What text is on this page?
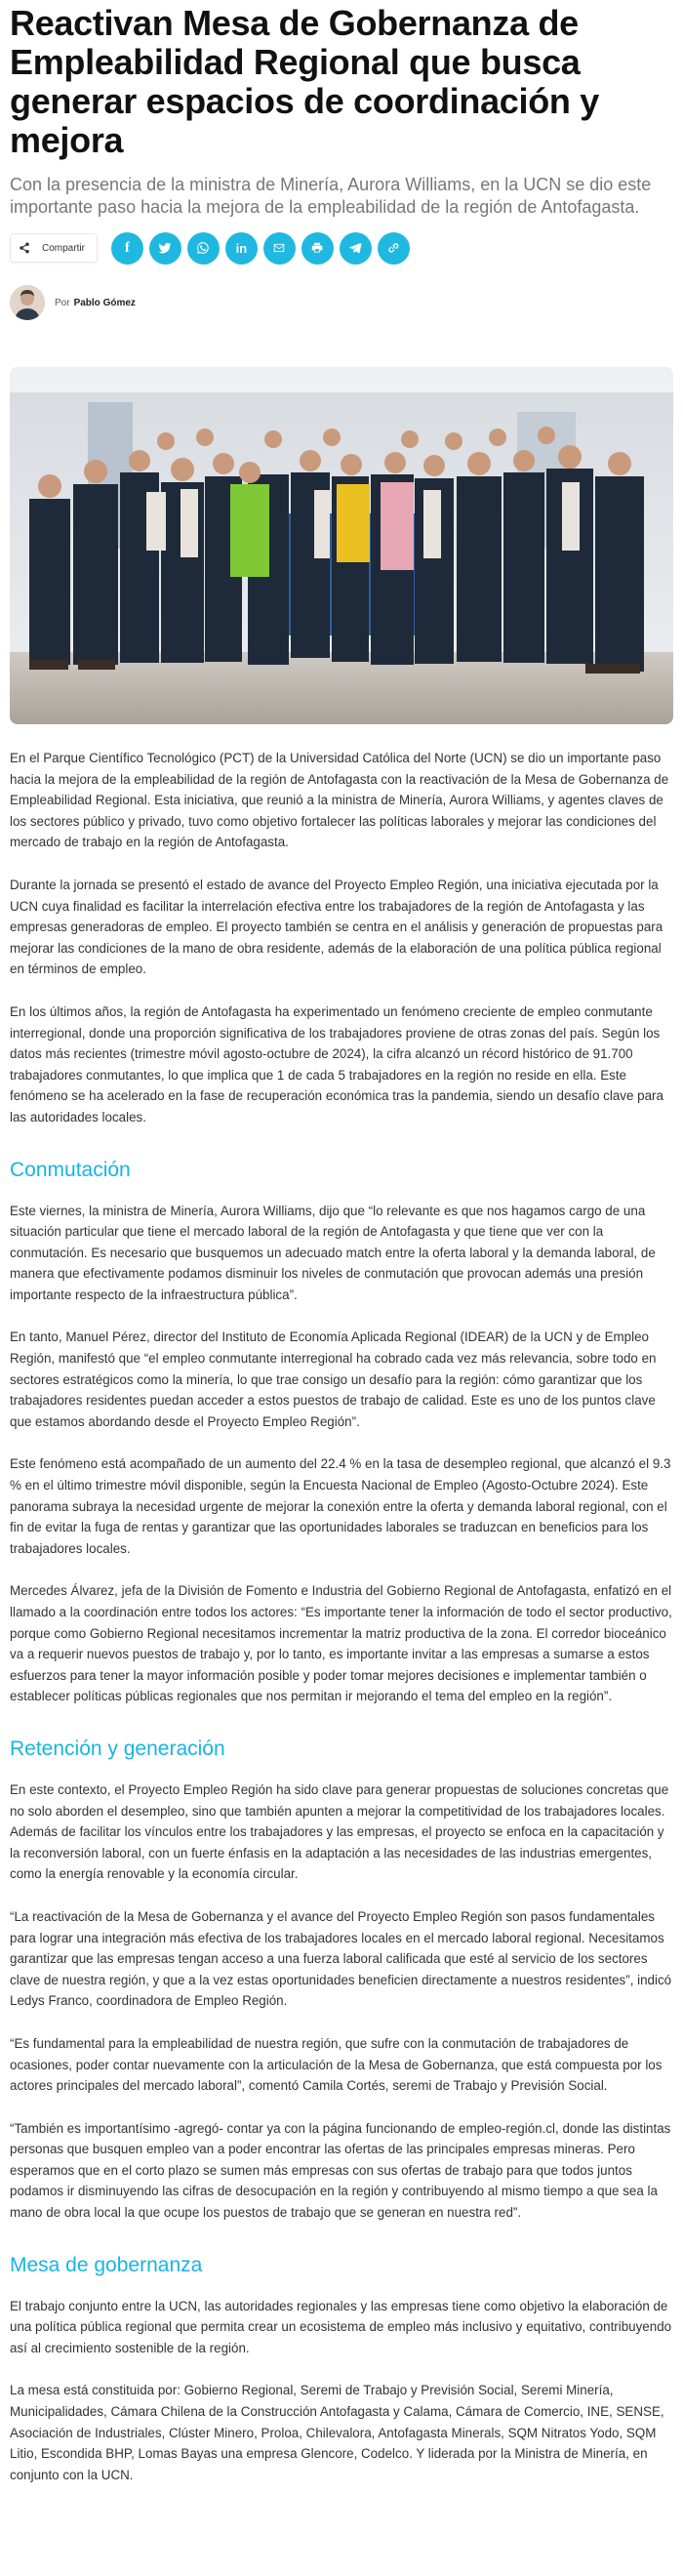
Reactivan Mesa de Gobernanza de Empleabilidad Regional que busca generar espacios de coordinación y mejora

Con la presencia de la ministra de Minería, Aurora Williams, en la UCN se dio este importante paso hacia la mejora de la empleabilidad de la región de Antofagasta.

Compartir	f	in
Por Pablo Gómez

En el Parque Científico Tecnológico (PCT) de la Universidad Católica del Norte (UCN) se dio un importante paso hacia la mejora de la empleabilidad de la región de Antofagasta con la reactivación de la Mesa de Gobernanza de Empleabilidad Regional. Esta iniciativa, que reunió a la ministra de Minería, Aurora Williams, y agentes claves de los sectores público y privado, tuvo como objetivo fortalecer las políticas laborales y mejorar las condiciones del mercado de trabajo en la región de Antofagasta.

Durante la jornada se presentó el estado de avance del Proyecto Empleo Región, una iniciativa ejecutada por la UCN cuya finalidad es facilitar la interrelación efectiva entre los trabajadores de la región de Antofagasta y las empresas generadoras de empleo. El proyecto también se centra en el análisis y generación de propuestas para mejorar las condiciones de la mano de obra residente, además de la elaboración de una política pública regional en términos de empleo.

En los últimos años, la región de Antofagasta ha experimentado un fenómeno creciente de empleo conmutante interregional, donde una proporción significativa de los trabajadores proviene de otras zonas del país. Según los datos más recientes (trimestre móvil agosto-octubre de 2024), la cifra alcanzó un récord histórico de 91.700 trabajadores conmutantes, lo que implica que 1 de cada 5 trabajadores en la región no reside en ella. Este fenómeno se ha acelerado en la fase de recuperación económica tras la pandemia, siendo un desafío clave para las autoridades locales.

Conmutación

Este viernes, la ministra de Minería, Aurora Williams, dijo que “lo relevante es que nos hagamos cargo de una situación particular que tiene el mercado laboral de la región de Antofagasta y que tiene que ver con la conmutación. Es necesario que busquemos un adecuado match entre la oferta laboral y la demanda laboral, de manera que efectivamente podamos disminuir los niveles de conmutación que provocan además una presión importante respecto de la infraestructura pública”.

En tanto, Manuel Pérez, director del Instituto de Economía Aplicada Regional (IDEAR) de la UCN y de Empleo Región, manifestó que “el empleo conmutante interregional ha cobrado cada vez más relevancia, sobre todo en sectores estratégicos como la minería, lo que trae consigo un desafío para la región: cómo garantizar que los trabajadores residentes puedan acceder a estos puestos de trabajo de calidad. Este es uno de los puntos clave que estamos abordando desde el Proyecto Empleo Región”.

Este fenómeno está acompañado de un aumento del 22.4 % en la tasa de desempleo regional, que alcanzó el 9.3 % en el último trimestre móvil disponible, según la Encuesta Nacional de Empleo (Agosto-Octubre 2024). Este panorama subraya la necesidad urgente de mejorar la conexión entre la oferta y demanda laboral regional, con el fin de evitar la fuga de rentas y garantizar que las oportunidades laborales se traduzcan en beneficios para los trabajadores locales.

Mercedes Álvarez, jefa de la División de Fomento e Industria del Gobierno Regional de Antofagasta, enfatizó en el llamado a la coordinación entre todos los actores: “Es importante tener la información de todo el sector productivo, porque como Gobierno Regional necesitamos incrementar la matriz productiva de la zona. El corredor bioceánico va a requerir nuevos puestos de trabajo y, por lo tanto, es importante invitar a las empresas a sumarse a estos esfuerzos para tener la mayor información posible y poder tomar mejores decisiones e implementar también o establecer políticas públicas regionales que nos permitan ir mejorando el tema del empleo en la región”.

Retención y generación

En este contexto, el Proyecto Empleo Región ha sido clave para generar propuestas de soluciones concretas que no solo aborden el desempleo, sino que también apunten a mejorar la competitividad de los trabajadores locales. Además de facilitar los vínculos entre los trabajadores y las empresas, el proyecto se enfoca en la capacitación y la reconversión laboral, con un fuerte énfasis en la adaptación a las necesidades de las industrias emergentes, como la energía renovable y la economía circular.

“La reactivación de la Mesa de Gobernanza y el avance del Proyecto Empleo Región son pasos fundamentales para lograr una integración más efectiva de los trabajadores locales en el mercado laboral regional. Necesitamos garantizar que las empresas tengan acceso a una fuerza laboral calificada que esté al servicio de los sectores clave de nuestra región, y que a la vez estas oportunidades beneficien directamente a nuestros residentes”, indicó Ledys Franco, coordinadora de Empleo Región.

“Es fundamental para la empleabilidad de nuestra región, que sufre con la conmutación de trabajadores de ocasiones, poder contar nuevamente con la articulación de la Mesa de Gobernanza, que está compuesta por los actores principales del mercado laboral”, comentó Camila Cortés, seremi de Trabajo y Previsión Social.

“También es importantísimo -agregó- contar ya con la página funcionando de empleo-región.cl, donde las distintas personas que busquen empleo van a poder encontrar las ofertas de las principales empresas mineras. Pero esperamos que en el corto plazo se sumen más empresas con sus ofertas de trabajo para que todos juntos podamos ir disminuyendo las cifras de desocupación en la región y contribuyendo al mismo tiempo a que sea la mano de obra local la que ocupe los puestos de trabajo que se generan en nuestra red”.

Mesa de gobernanza

El trabajo conjunto entre la UCN, las autoridades regionales y las empresas tiene como objetivo la elaboración de una política pública regional que permita crear un ecosistema de empleo más inclusivo y equitativo, contribuyendo así al crecimiento sostenible de la región.

La mesa está constituida por: Gobierno Regional, Seremi de Trabajo y Previsión Social, Seremi Minería, Municipalidades, Cámara Chilena de la Construcción Antofagasta y Calama, Cámara de Comercio, INE, SENSE, Asociación de Industriales, Clúster Minero, Proloa, Chilevalora, Antofagasta Minerals, SQM Nitratos Yodo, SQM Litio, Escondida BHP, Lomas Bayas una empresa Glencore, Codelco. Y liderada por la Ministra de Minería, en conjunto con la UCN.
